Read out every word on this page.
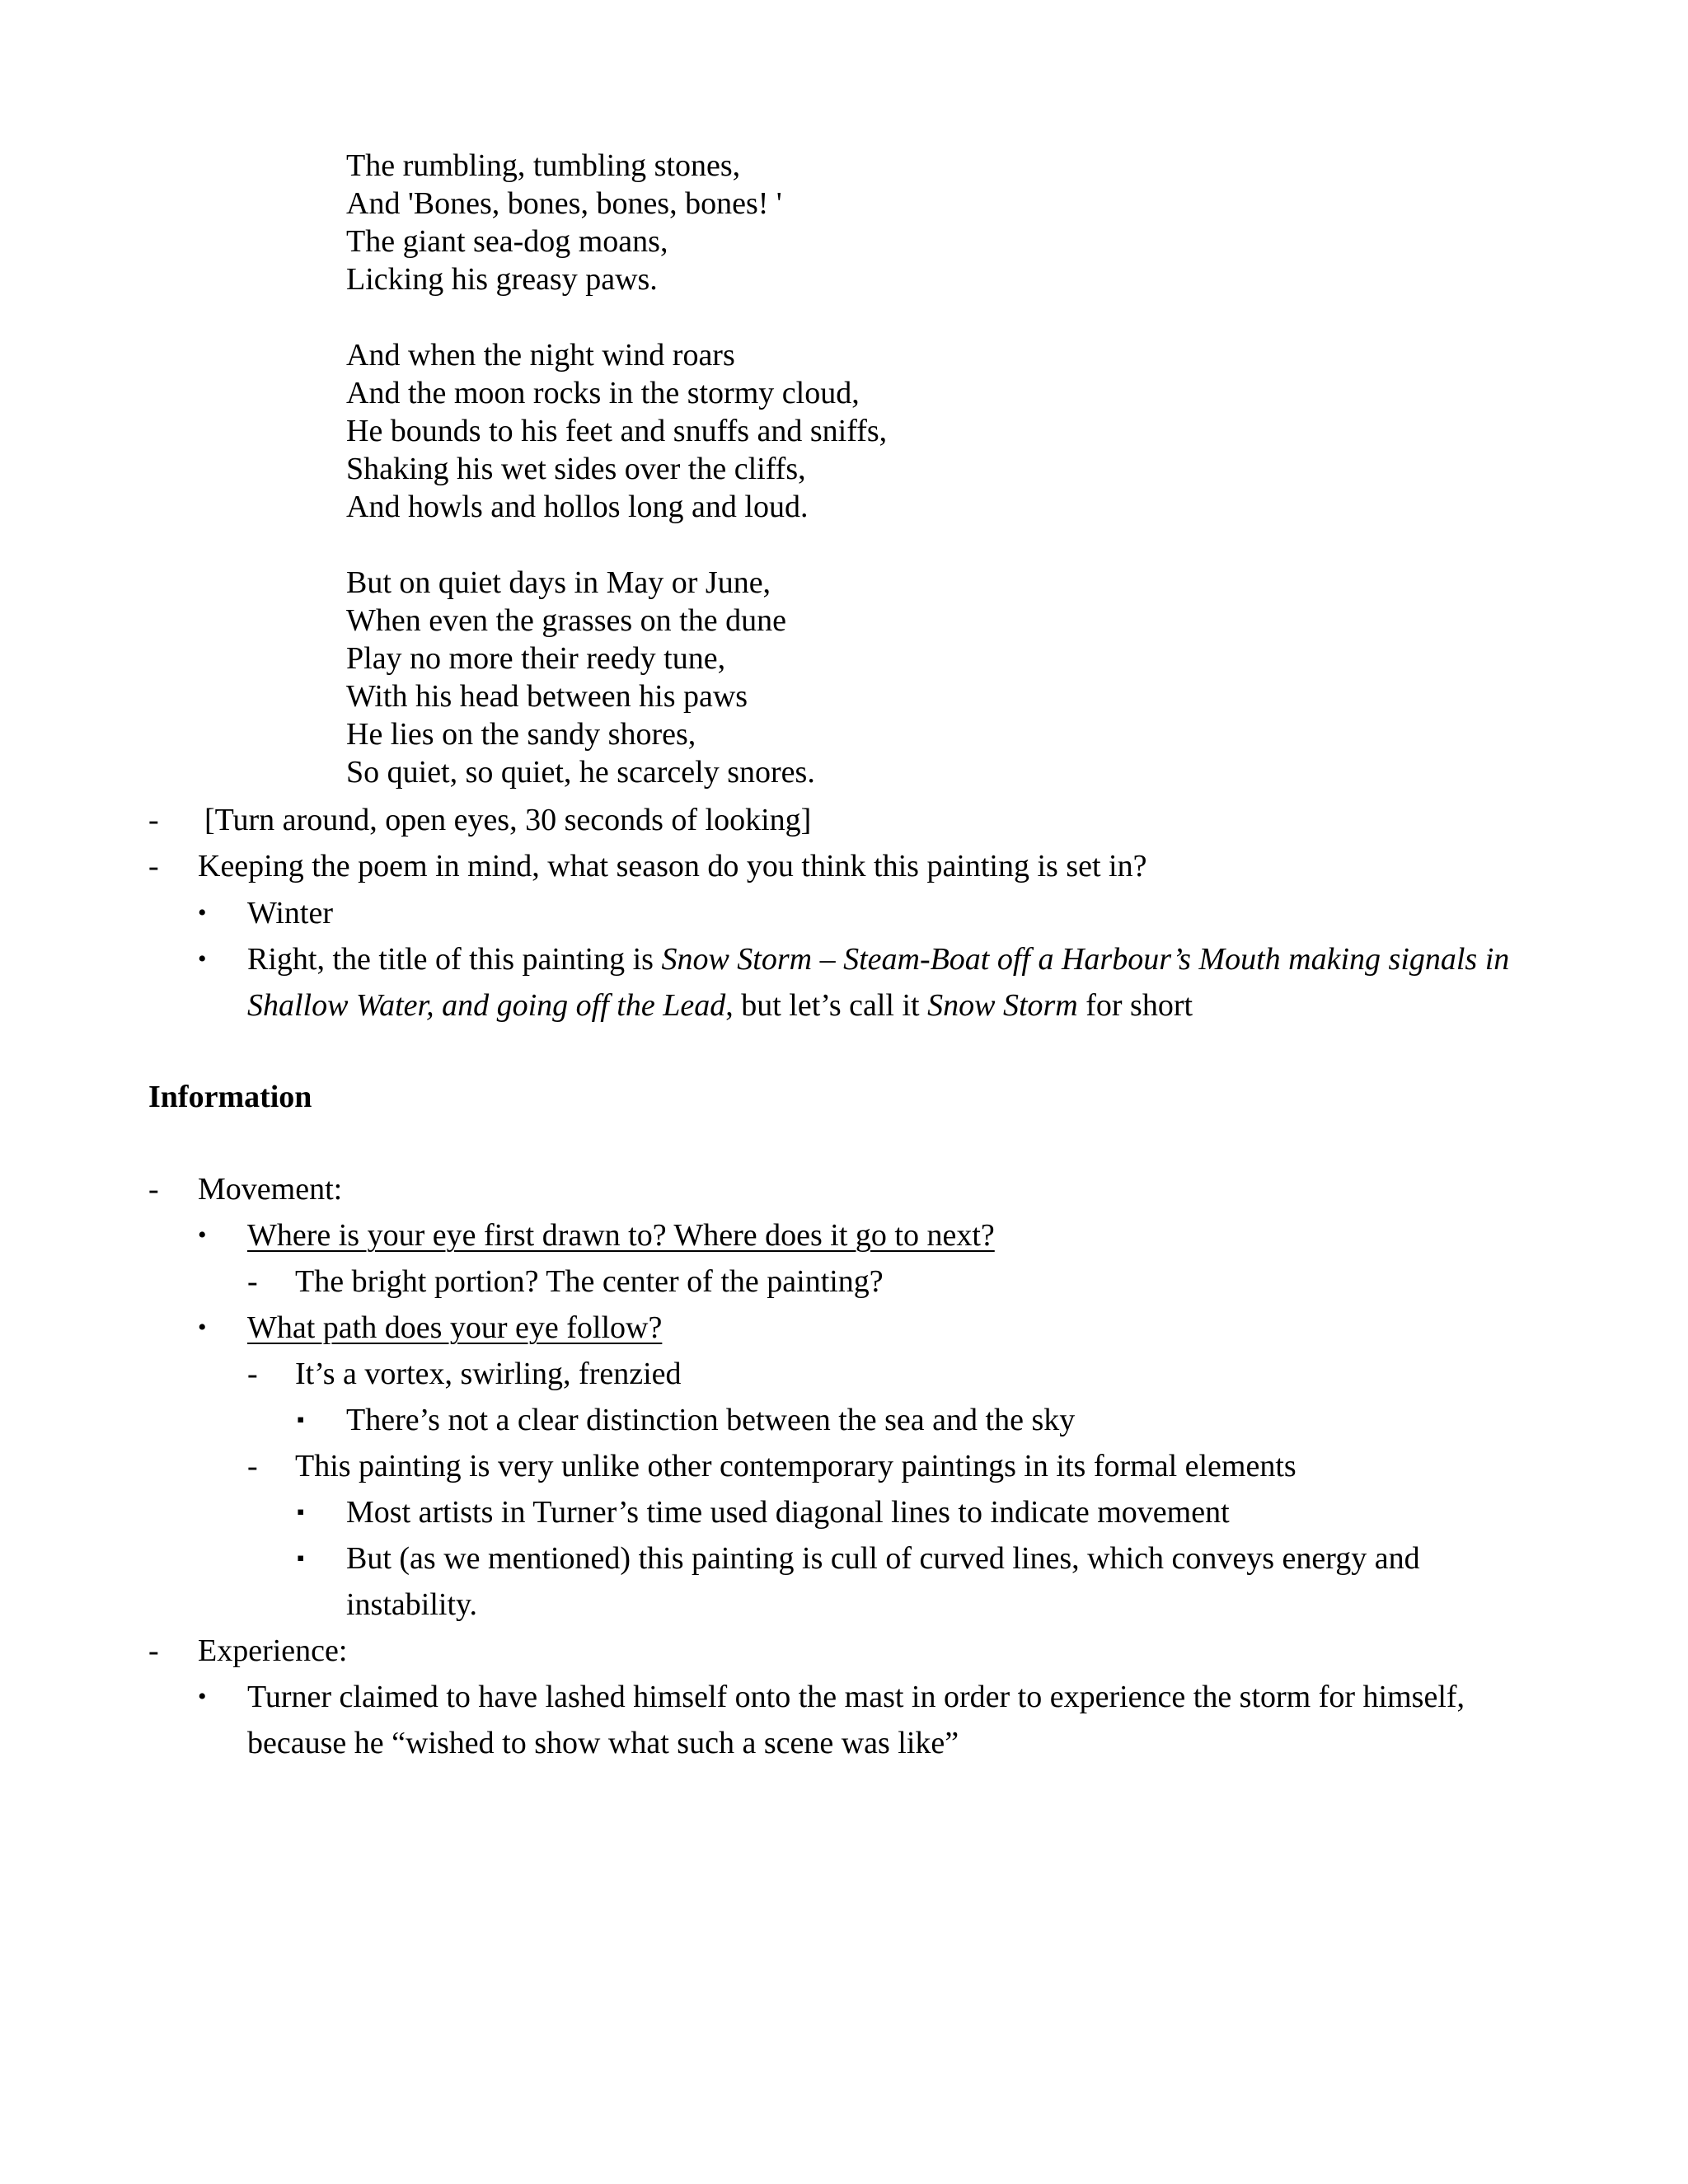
The rumbling, tumbling stones,
And 'Bones, bones, bones, bones! '
The giant sea-dog moans,
Licking his greasy paws.
And when the night wind roars
And the moon rocks in the stormy cloud,
He bounds to his feet and snuffs and sniffs,
Shaking his wet sides over the cliffs,
And howls and hollos long and loud.
But on quiet days in May or June,
When even the grasses on the dune
Play no more their reedy tune,
With his head between his paws
He lies on the sandy shores,
So quiet, so quiet, he scarcely snores.
- [Turn around, open eyes, 30 seconds of looking]
- Keeping the poem in mind, what season do you think this painting is set in?
• Winter
• Right, the title of this painting is Snow Storm – Steam-Boat off a Harbour’s Mouth making signals in Shallow Water, and going off the Lead, but let’s call it Snow Storm for short
Information
- Movement:
• Where is your eye first drawn to? Where does it go to next?
- The bright portion? The center of the painting?
• What path does your eye follow?
- It’s a vortex, swirling, frenzied
▪ There’s not a clear distinction between the sea and the sky
- This painting is very unlike other contemporary paintings in its formal elements
▪ Most artists in Turner’s time used diagonal lines to indicate movement
▪ But (as we mentioned) this painting is cull of curved lines, which conveys energy and instability.
- Experience:
• Turner claimed to have lashed himself onto the mast in order to experience the storm for himself, because he “wished to show what such a scene was like”
